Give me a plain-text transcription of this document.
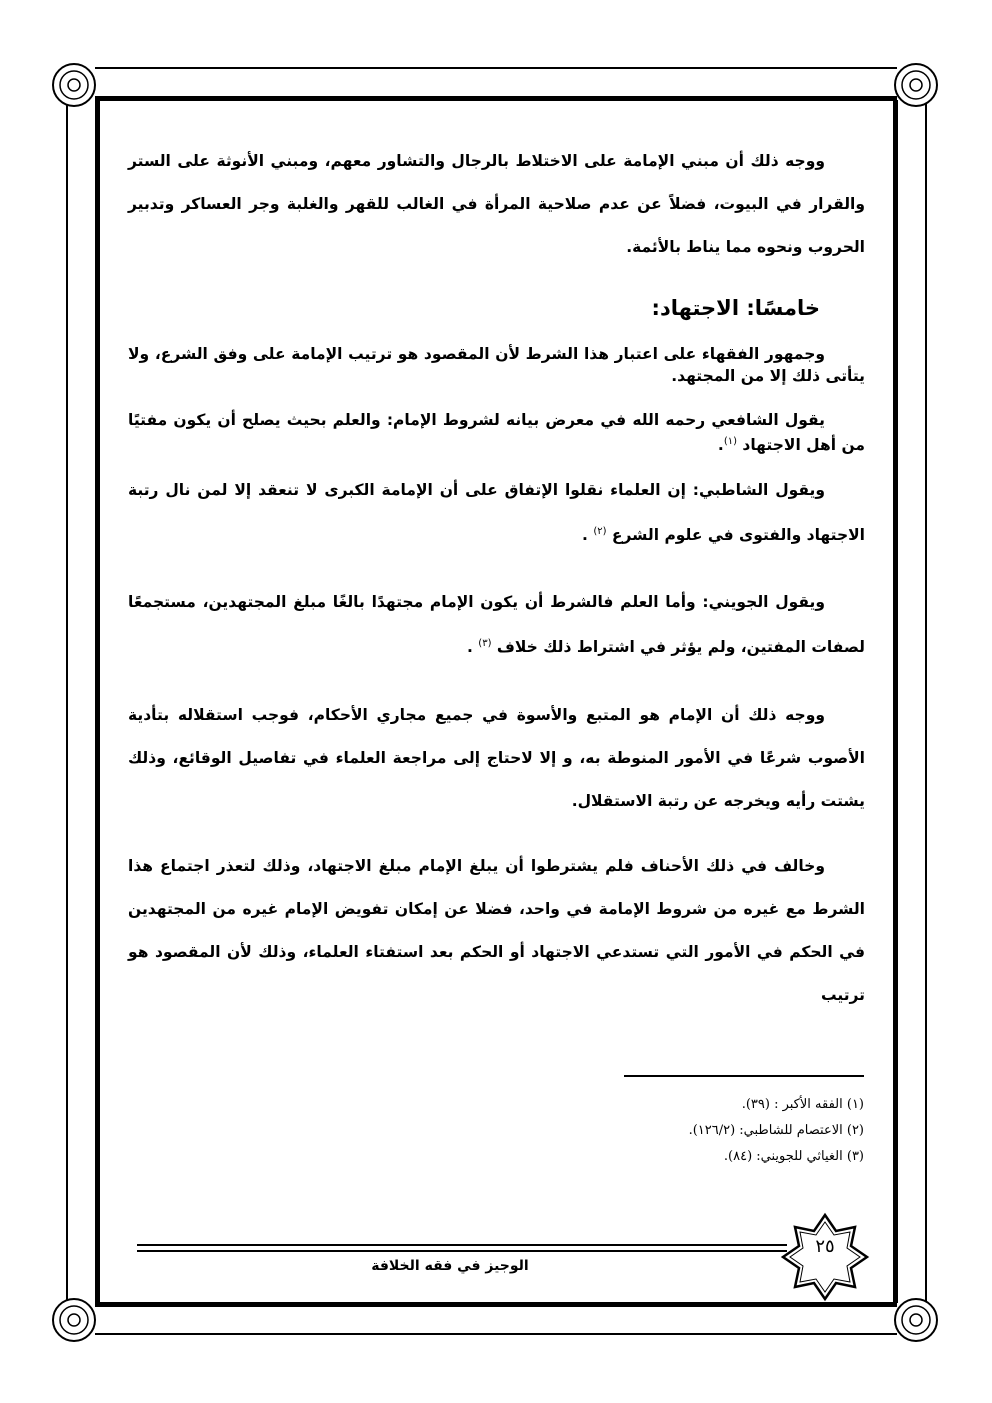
ووجه ذلك أن مبني الإمامة على الاختلاط بالرجال والتشاور معهم، ومبني الأنوثة على الستر والقرار في البيوت، فضلاً عن عدم صلاحية المرأة في الغالب للقهر والغلبة وجر العساكر وتدبير الحروب ونحوه مما يناط بالأئمة.

خامسًا: الاجتهاد:

وجمهور الفقهاء على اعتبار هذا الشرط لأن المقصود هو ترتيب الإمامة على وفق الشرع، ولا يتأتى ذلك إلا من المجتهد.

يقول الشافعي رحمه الله في معرض بيانه لشروط الإمام: والعلم بحيث يصلح أن يكون مفتيًا من أهل الاجتهاد $^{(١)}$.

ويقول الشاطبي: إن العلماء نقلوا الإتفاق على أن الإمامة الكبرى لا تنعقد إلا لمن نال رتبة الاجتهاد والفتوى في علوم الشرع $^{(٢)}$ .

ويقول الجويني: وأما العلم فالشرط أن يكون الإمام مجتهدًا بالغًا مبلغ المجتهدين، مستجمعًا لصفات المفتين، ولم يؤثر في اشتراط ذلك خلاف $^{(٣)}$ .

ووجه ذلك أن الإمام هو المتبع والأسوة في جميع مجاري الأحكام، فوجب استقلاله بتأدية الأصوب شرعًا في الأمور المنوطة به، و إلا لاحتاج إلى مراجعة العلماء في تفاصيل الوقائع، وذلك يشتت رأيه ويخرجه عن رتبة الاستقلال.

وخالف في ذلك الأحناف فلم يشترطوا أن يبلغ الإمام مبلغ الاجتهاد، وذلك لتعذر اجتماع هذا الشرط مع غيره من شروط الإمامة في واحد، فضلا عن إمكان تفويض الإمام غيره من المجتهدين في الحكم في الأمور التي تستدعي الاجتهاد أو الحكم بعد استفتاء العلماء، وذلك لأن المقصود هو ترتيب

(١) الفقه الأكبر : (٣٩).
(٢) الاعتصام للشاطبي: (١٢٦/٢).
(٣) الغياثي للجويني: (٨٤).
الوجيز في فقه الخلافة
٢٥
